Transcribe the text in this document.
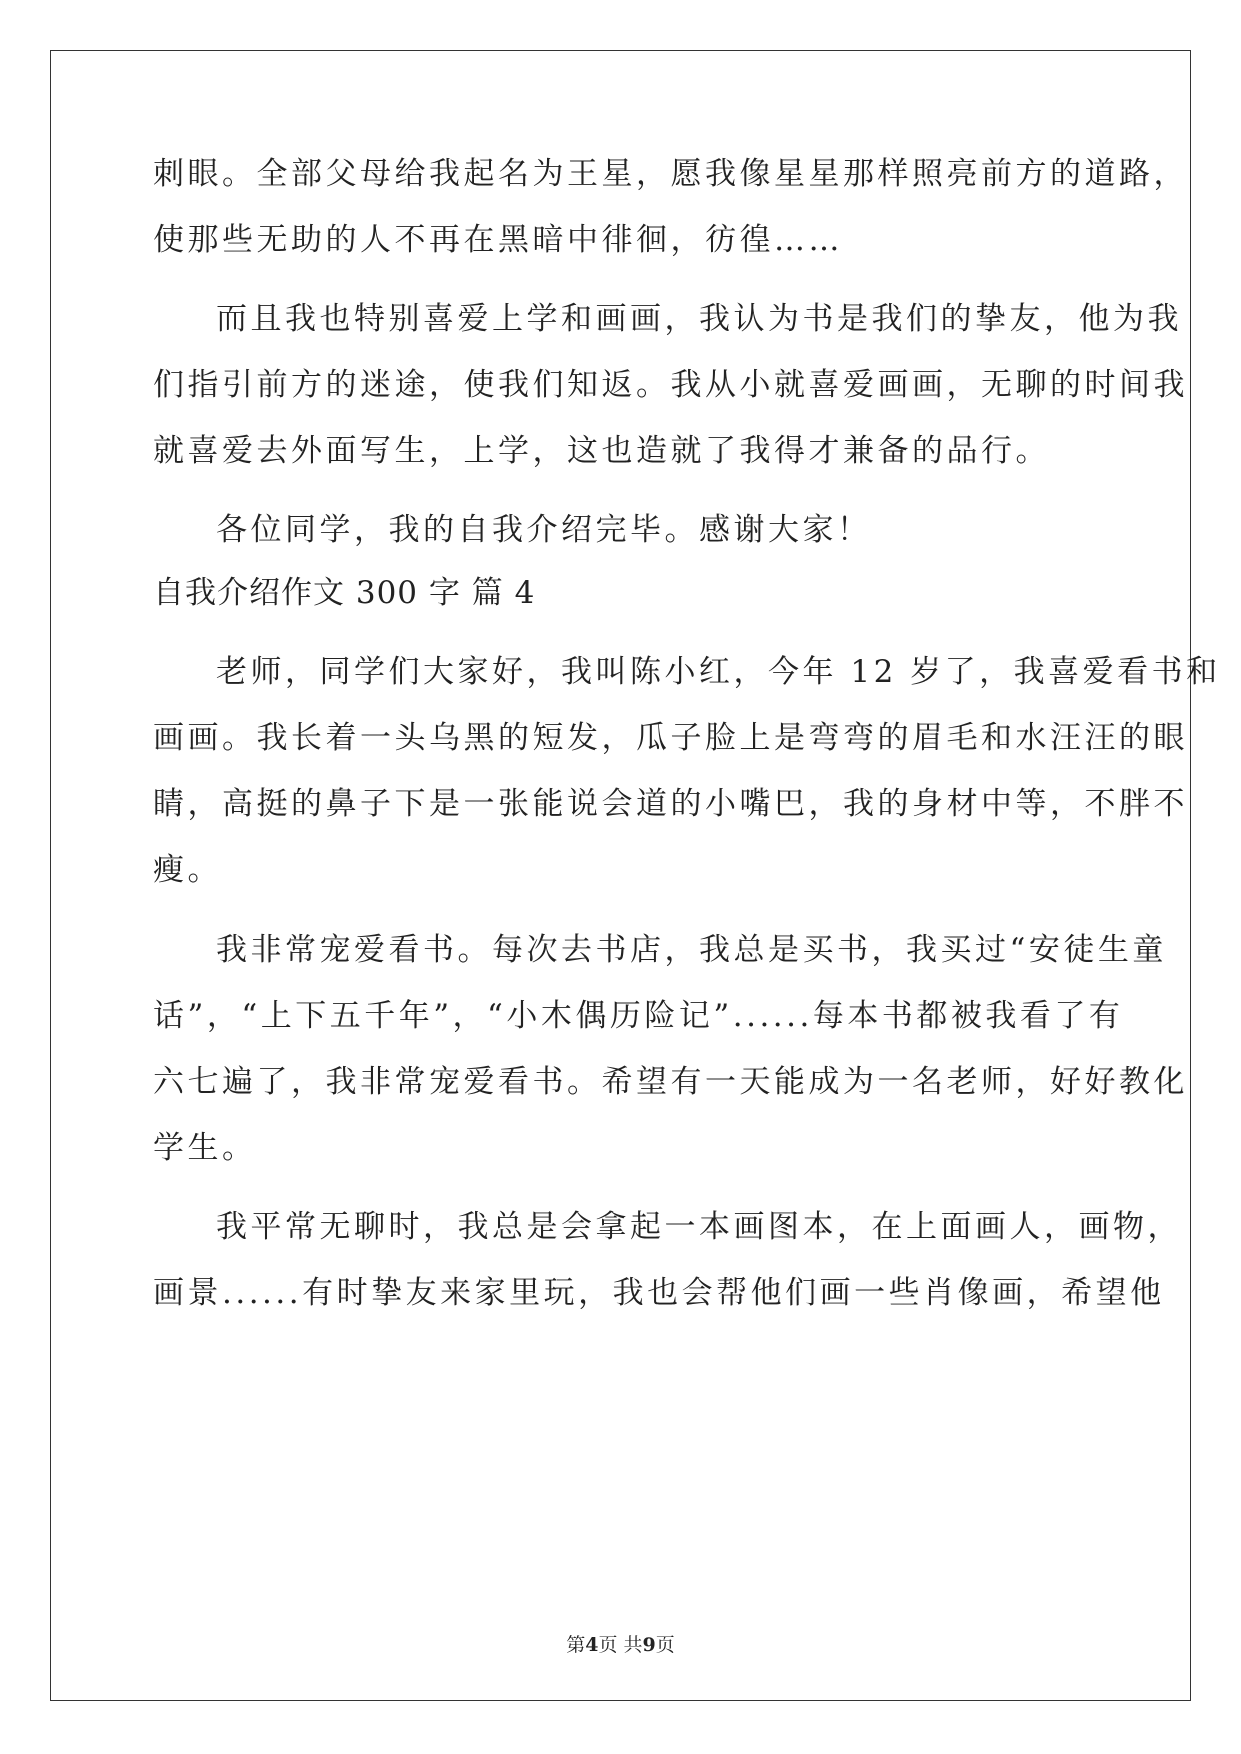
刺眼。全部父母给我起名为王星，愿我像星星那样照亮前方的道路，
使那些无助的人不再在黑暗中徘徊，彷徨……
而且我也特别喜爱上学和画画，我认为书是我们的挚友，他为我
们指引前方的迷途，使我们知返。我从小就喜爱画画，无聊的时间我
就喜爱去外面写生，上学，这也造就了我得才兼备的品行。
各位同学，我的自我介绍完毕。感谢大家！
自我介绍作文 300 字 篇 4
老师，同学们大家好，我叫陈小红，今年 12 岁了，我喜爱看书和
画画。我长着一头乌黑的短发，瓜子脸上是弯弯的眉毛和水汪汪的眼
睛，高挺的鼻子下是一张能说会道的小嘴巴，我的身材中等，不胖不
瘦。
我非常宠爱看书。每次去书店，我总是买书，我买过“安徒生童
话”，“上下五千年”，“小木偶历险记”......每本书都被我看了有
六七遍了，我非常宠爱看书。希望有一天能成为一名老师，好好教化
学生。
我平常无聊时，我总是会拿起一本画图本，在上面画人，画物，
画景......有时挚友来家里玩，我也会帮他们画一些肖像画，希望他
第4页 共9页
